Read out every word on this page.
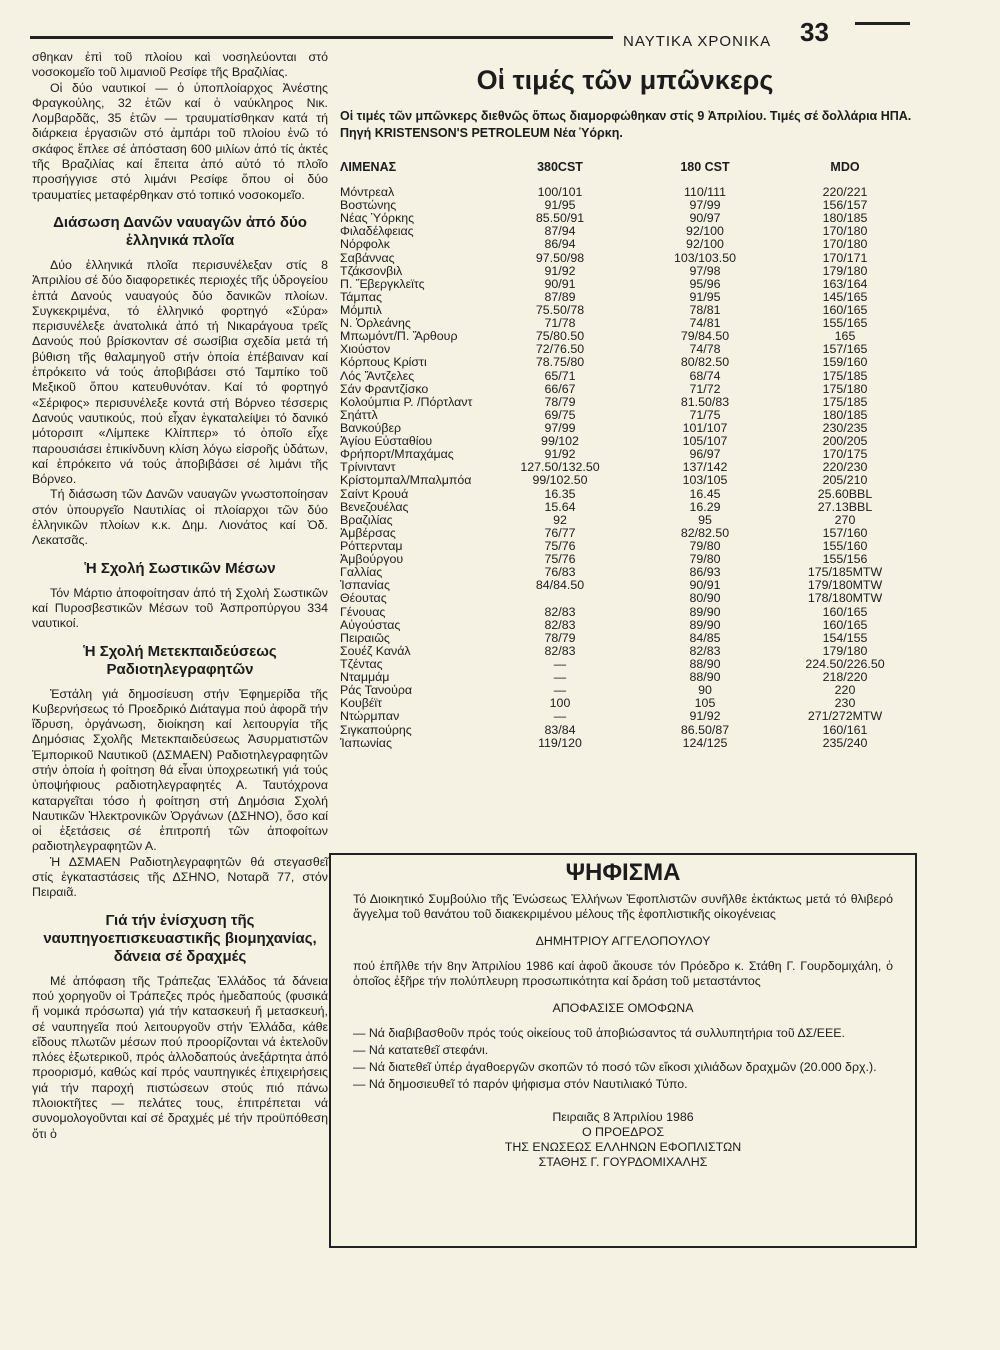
ΝΑΥΤΙΚΑ ΧΡΟΝΙΚΑ 33

σθηκαν ἐπὶ τοῦ πλοίου καὶ νοσηλεύονται στό νοσοκομεῖο τοῦ λιμανιοῦ Ρεσίφε τῆς Βραζιλίας.

Οἱ δύο ναυτικοί — ὁ ὑποπλοίαρχος Ἀνέστης Φραγκούλης, 32 ἐτῶν καί ὁ ναύκληρος Νικ. Λομβαρδᾶς, 35 ἐτῶν — τραυματίσθηκαν κατά τή διάρκεια ἐργασιῶν στό ἀμπάρι τοῦ πλοίου ἐνῶ τό σκάφος ἔπλεε σέ ἀπόσταση 600 μιλίων ἀπό τίς ἀκτές τῆς Βραζιλίας καί ἔπειτα ἀπό αὐτό τό πλοῖο προσήγγισε στό λιμάνι Ρεσίφε ὅπου οἱ δύο τραυματίες μεταφέρθηκαν στό τοπικό νοσοκομεῖο.

Διάσωση Δανῶν ναυαγῶν ἀπό δύο ἑλληνικά πλοῖα

Δύο ἑλληνικά πλοῖα περισυνέλεξαν στίς 8 Ἀπριλίου σέ δύο διαφορετικές περιοχές τῆς ὑδρογείου ἑπτά Δανούς ναυαγούς δύο δανικῶν πλοίων. Συγκεκριμένα, τό ἑλληνικό φορτηγό «Σύρα» περισυνέλεξε ἀνατολικά ἀπό τή Νικαράγουα τρεῖς Δανούς πού βρίσκονταν σέ σωσίβια σχεδία μετά τή βύθιση τῆς θαλαμηγοῦ στήν ὁποία ἐπέβαιναν καί ἐπρόκειτο νά τούς ἀποβιβάσει στό Ταμπίκο τοῦ Μεξικοῦ ὅπου κατευθυνόταν. Καί τό φορτηγό «Σέριφος» περισυνέλεξε κοντά στή Βόρνεο τέσσερις Δανούς ναυτικούς, πού εἶχαν ἐγκαταλείψει τό δανικό μότορσιπ «Λίμπεκε Κλίππερ» τό ὁποῖο εἶχε παρουσιάσει ἐπικίνδυνη κλίση λόγω εἰσροῆς ὑδάτων, καί ἐπρόκειτο νά τούς ἀποβιβάσει σέ λιμάνι τῆς Βόρνεο.

Τή διάσωση τῶν Δανῶν ναυαγῶν γνωστοποίησαν στόν ὑπουργεῖο Ναυτιλίας οἱ πλοίαρχοι τῶν δύο ἑλληνικῶν πλοίων κ.κ. Δημ. Λιονάτος καί Ὀδ. Λεκατσᾶς.

Ἡ Σχολή Σωστικῶν Μέσων

Τόν Μάρτιο ἀποφοίτησαν ἀπό τή Σχολή Σωστικῶν καί Πυροσβεστικῶν Μέσων τοῦ Ἀσπροπύργου 334 ναυτικοί.

Ἡ Σχολή Μετεκπαιδεύσεως Ραδιοτηλεγραφητῶν

Ἐστάλη γιά δημοσίευση στήν Ἐφημερίδα τῆς Κυβερνήσεως τό Προεδρικό Διάταγμα πού ἀφορᾶ τήν ἵδρυση, ὀργάνωση, διοίκηση καί λειτουργία τῆς Δημόσιας Σχολῆς Μετεκπαιδεύσεως Ἀσυρματιστῶν Ἐμπορικοῦ Ναυτικοῦ (ΔΣΜΑΕΝ) Ραδιοτηλεγραφητῶν στήν ὁποία ἡ φοίτηση θά εἶναι ὑποχρεωτική γιά τούς ὑποψήφιους ραδιοτηλεγραφητές Α. Ταυτόχρονα καταργεῖται τόσο ἡ φοίτηση στή Δημόσια Σχολή Ναυτικῶν Ἠλεκτρονικῶν Ὀργάνων (ΔΣΗΝΟ), ὅσο καί οἱ ἐξετάσεις σέ ἐπιτροπή τῶν ἀποφοίτων ραδιοτηλεγραφητῶν Α.

Ἡ ΔΣΜΑΕΝ Ραδιοτηλεγραφητῶν θά στεγασθεῖ στίς ἐγκαταστάσεις τῆς ΔΣΗΝΟ, Νοταρᾶ 77, στόν Πειραιᾶ.

Γιά τήν ἐνίσχυση τῆς ναυπηγοεπισκευαστικῆς βιομηχανίας, δάνεια σέ δραχμές

Μέ ἀπόφαση τῆς Τράπεζας Ἑλλάδος τά δάνεια πού χορηγοῦν οἱ Τράπεζες πρός ἡμεδαπούς (φυσικά ἤ νομικά πρόσωπα) γιά τήν κατασκευή ἤ μετασκευή, σέ ναυπηγεῖα πού λειτουργοῦν στήν Ἑλλάδα, κάθε εἴδους πλωτῶν μέσων πού προορίζονται νά ἐκτελοῦν πλόες ἐξωτερικοῦ, πρός ἀλλοδαπούς ἀνεξάρτητα ἀπό προορισμό, καθώς καί πρός ναυπηγικές ἐπιχειρήσεις γιά τήν παροχή πιστώσεων στούς πιό πάνω πλοιοκτῆτες — πελάτες τους, ἐπιτρέπεται νά συνομολογοῦνται καί σέ δραχμές μέ τήν προϋπόθεση ὅτι ὁ

Οἱ τιμές τῶν μπῶνκερς
Οἱ τιμές τῶν μπῶνκερς διεθνῶς ὅπως διαμορφώθηκαν στίς 9 Ἀπριλίου. Τιμές σέ δολλάρια ΗΠΑ. Πηγή KRISTENSON'S PETROLEUM Νέα Ὑόρκη.
ΛΙΜΕΝΑΣ	380CST	180 CST	MDO
Μόντρεαλ	100/101	110/111	220/221
Βοστώνης	91/95	97/99	156/157
Νέας Ὑόρκης	85.50/91	90/97	180/185
Φιλαδέλφειας	87/94	92/100	170/180
Νόρφολκ	86/94	92/100	170/180
Σαβάννας	97.50/98	103/103.50	170/171
Τζάκσονβιλ	91/92	97/98	179/180
Π. Ἔβεργκλεϊτς	90/91	95/96	163/164
Τάμπας	87/89	91/95	145/165
Μόμπιλ	75.50/78	78/81	160/165
Ν. Ὀρλεάνης	71/78	74/81	155/165
Μπωμόντ/Π. Ἄρθουρ	75/80.50	79/84.50	165
Χιούστον	72/76.50	74/78	157/165
Κόρπους Κρίστι	78.75/80	80/82.50	159/160
Λός Ἄντζελες	65/71	68/74	175/185
Σάν Φραντζίσκο	66/67	71/72	175/180
Κολούμπια Ρ. /Πόρτλαντ	78/79	81.50/83	175/185
Σηάττλ	69/75	71/75	180/185
Βανκούβερ	97/99	101/107	230/235
Ἁγίου Εὐσταθίου	99/102	105/107	200/205
Φρήπορτ/Μπαχάμας	91/92	96/97	170/175
Τρίνινταντ	127.50/132.50	137/142	220/230
Κρίστομπαλ/Μπαλμπόα	99/102.50	103/105	205/210
Σαίντ Κρουά	16.35	16.45	25.60BBL
Βενεζουέλας	15.64	16.29	27.13BBL
Βραζιλίας	92	95	270
Ἀμβέρσας	76/77	82/82.50	157/160
Ρόττερνταμ	75/76	79/80	155/160
Ἀμβούργου	75/76	79/80	155/156
Γαλλίας	76/83	86/93	175/185MTW
Ἰσπανίας	84/84.50	90/91	179/180MTW
Θέουτας		80/90	178/180MTW
Γένουας	82/83	89/90	160/165
Αὐγούστας	82/83	89/90	160/165
Πειραιῶς	78/79	84/85	154/155
Σουέζ Κανάλ	82/83	82/83	179/180
Τζέντας	—	88/90	224.50/226.50
Νταμμάμ	—	88/90	218/220
Ράς Τανούρα	—	90	220
Κουβέϊτ	100	105	230
Ντώρμπαν	—	91/92	271/272MTW
Σιγκαπούρης	83/84	86.50/87	160/161
Ἰαπωνίας	119/120	124/125	235/240
ΨΗΦΙΣΜΑ

Τό Διοικητικό Συμβούλιο τῆς Ἑνώσεως Ἑλλήνων Ἐφοπλιστῶν συνῆλθε ἐκτάκτως μετά τό θλιβερό ἄγγελμα τοῦ θανάτου τοῦ διακεκριμένου μέλους τῆς ἐφοπλιστικῆς οἰκογένειας

ΔΗΜΗΤΡΙΟΥ ΑΓΓΕΛΟΠΟΥΛΟΥ

πού ἐπῆλθε τήν 8ην Ἀπριλίου 1986 καί ἀφοῦ ἄκουσε τόν Πρόεδρο κ. Στάθη Γ. Γουρδομιχάλη, ὁ ὁποῖος ἐξῆρε τήν πολύπλευρη προσωπικότητα καί δράση τοῦ μεταστάντος

ΑΠΟΦΑΣΙΣΕ ΟΜΟΦΩΝΑ
— Νά διαβιβασθοῦν πρός τούς οἰκείους τοῦ ἀποβιώσαντος τά συλλυπητήρια τοῦ ΔΣ/ΕΕΕ.
— Νά κατατεθεῖ στεφάνι.
— Νά διατεθεῖ ὑπέρ ἀγαθοεργῶν σκοπῶν τό ποσό τῶν εἴκοσι χιλιάδων δραχμῶν (20.000 δρχ.).
— Νά δημοσιευθεῖ τό παρόν ψήφισμα στόν Ναυτιλιακό Τύπο.
Πειραιᾶς 8 Ἀπριλίου 1986
Ο ΠΡΟΕΔΡΟΣ
ΤΗΣ ΕΝΩΣΕΩΣ ΕΛΛΗΝΩΝ ΕΦΟΠΛΙΣΤΩΝ
ΣΤΑΘΗΣ Γ. ΓΟΥΡΔΟΜΙΧΑΛΗΣ
